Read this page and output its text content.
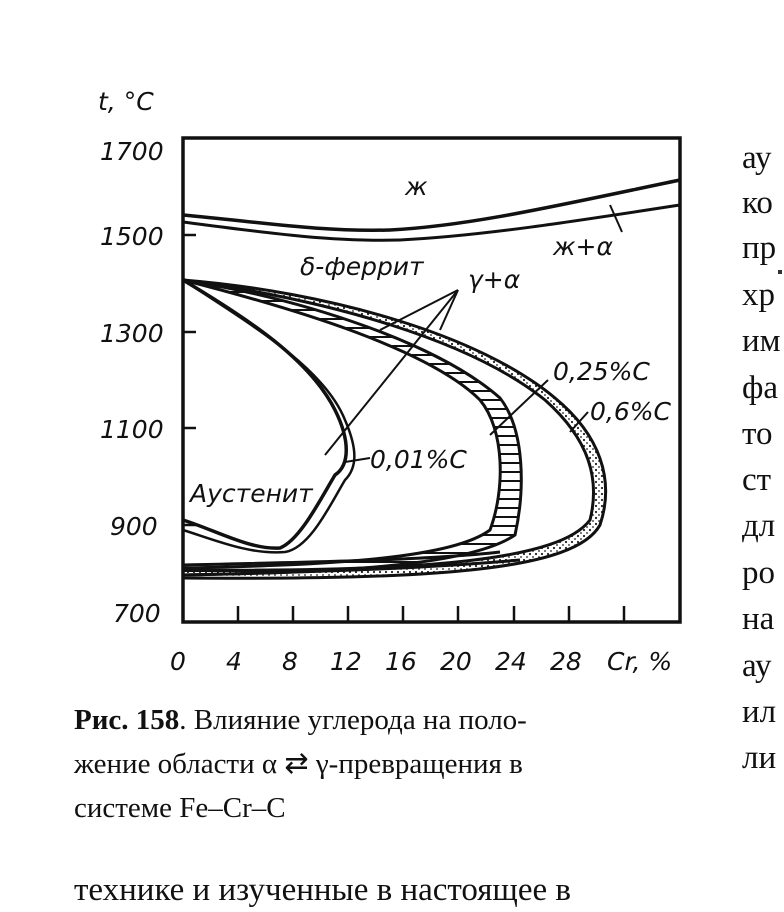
t, °C
Cr, %
1700
1500
1300
1100
900
700
0 4 8 12 16 20 24 28
ж
ж+α
δ-феррит γ+α
Аустенит
0,01%C
0,25%C
0,6%C
Рис. 158. Влияние углерода на поло-
жение области α ⇄ γ-превращения в
системе Fe–Cr–C
ау
ко
пр
хр
им
фа
то
ст
дл
ро
на
ау
ил
ли
технике и изученные в настоящее в
